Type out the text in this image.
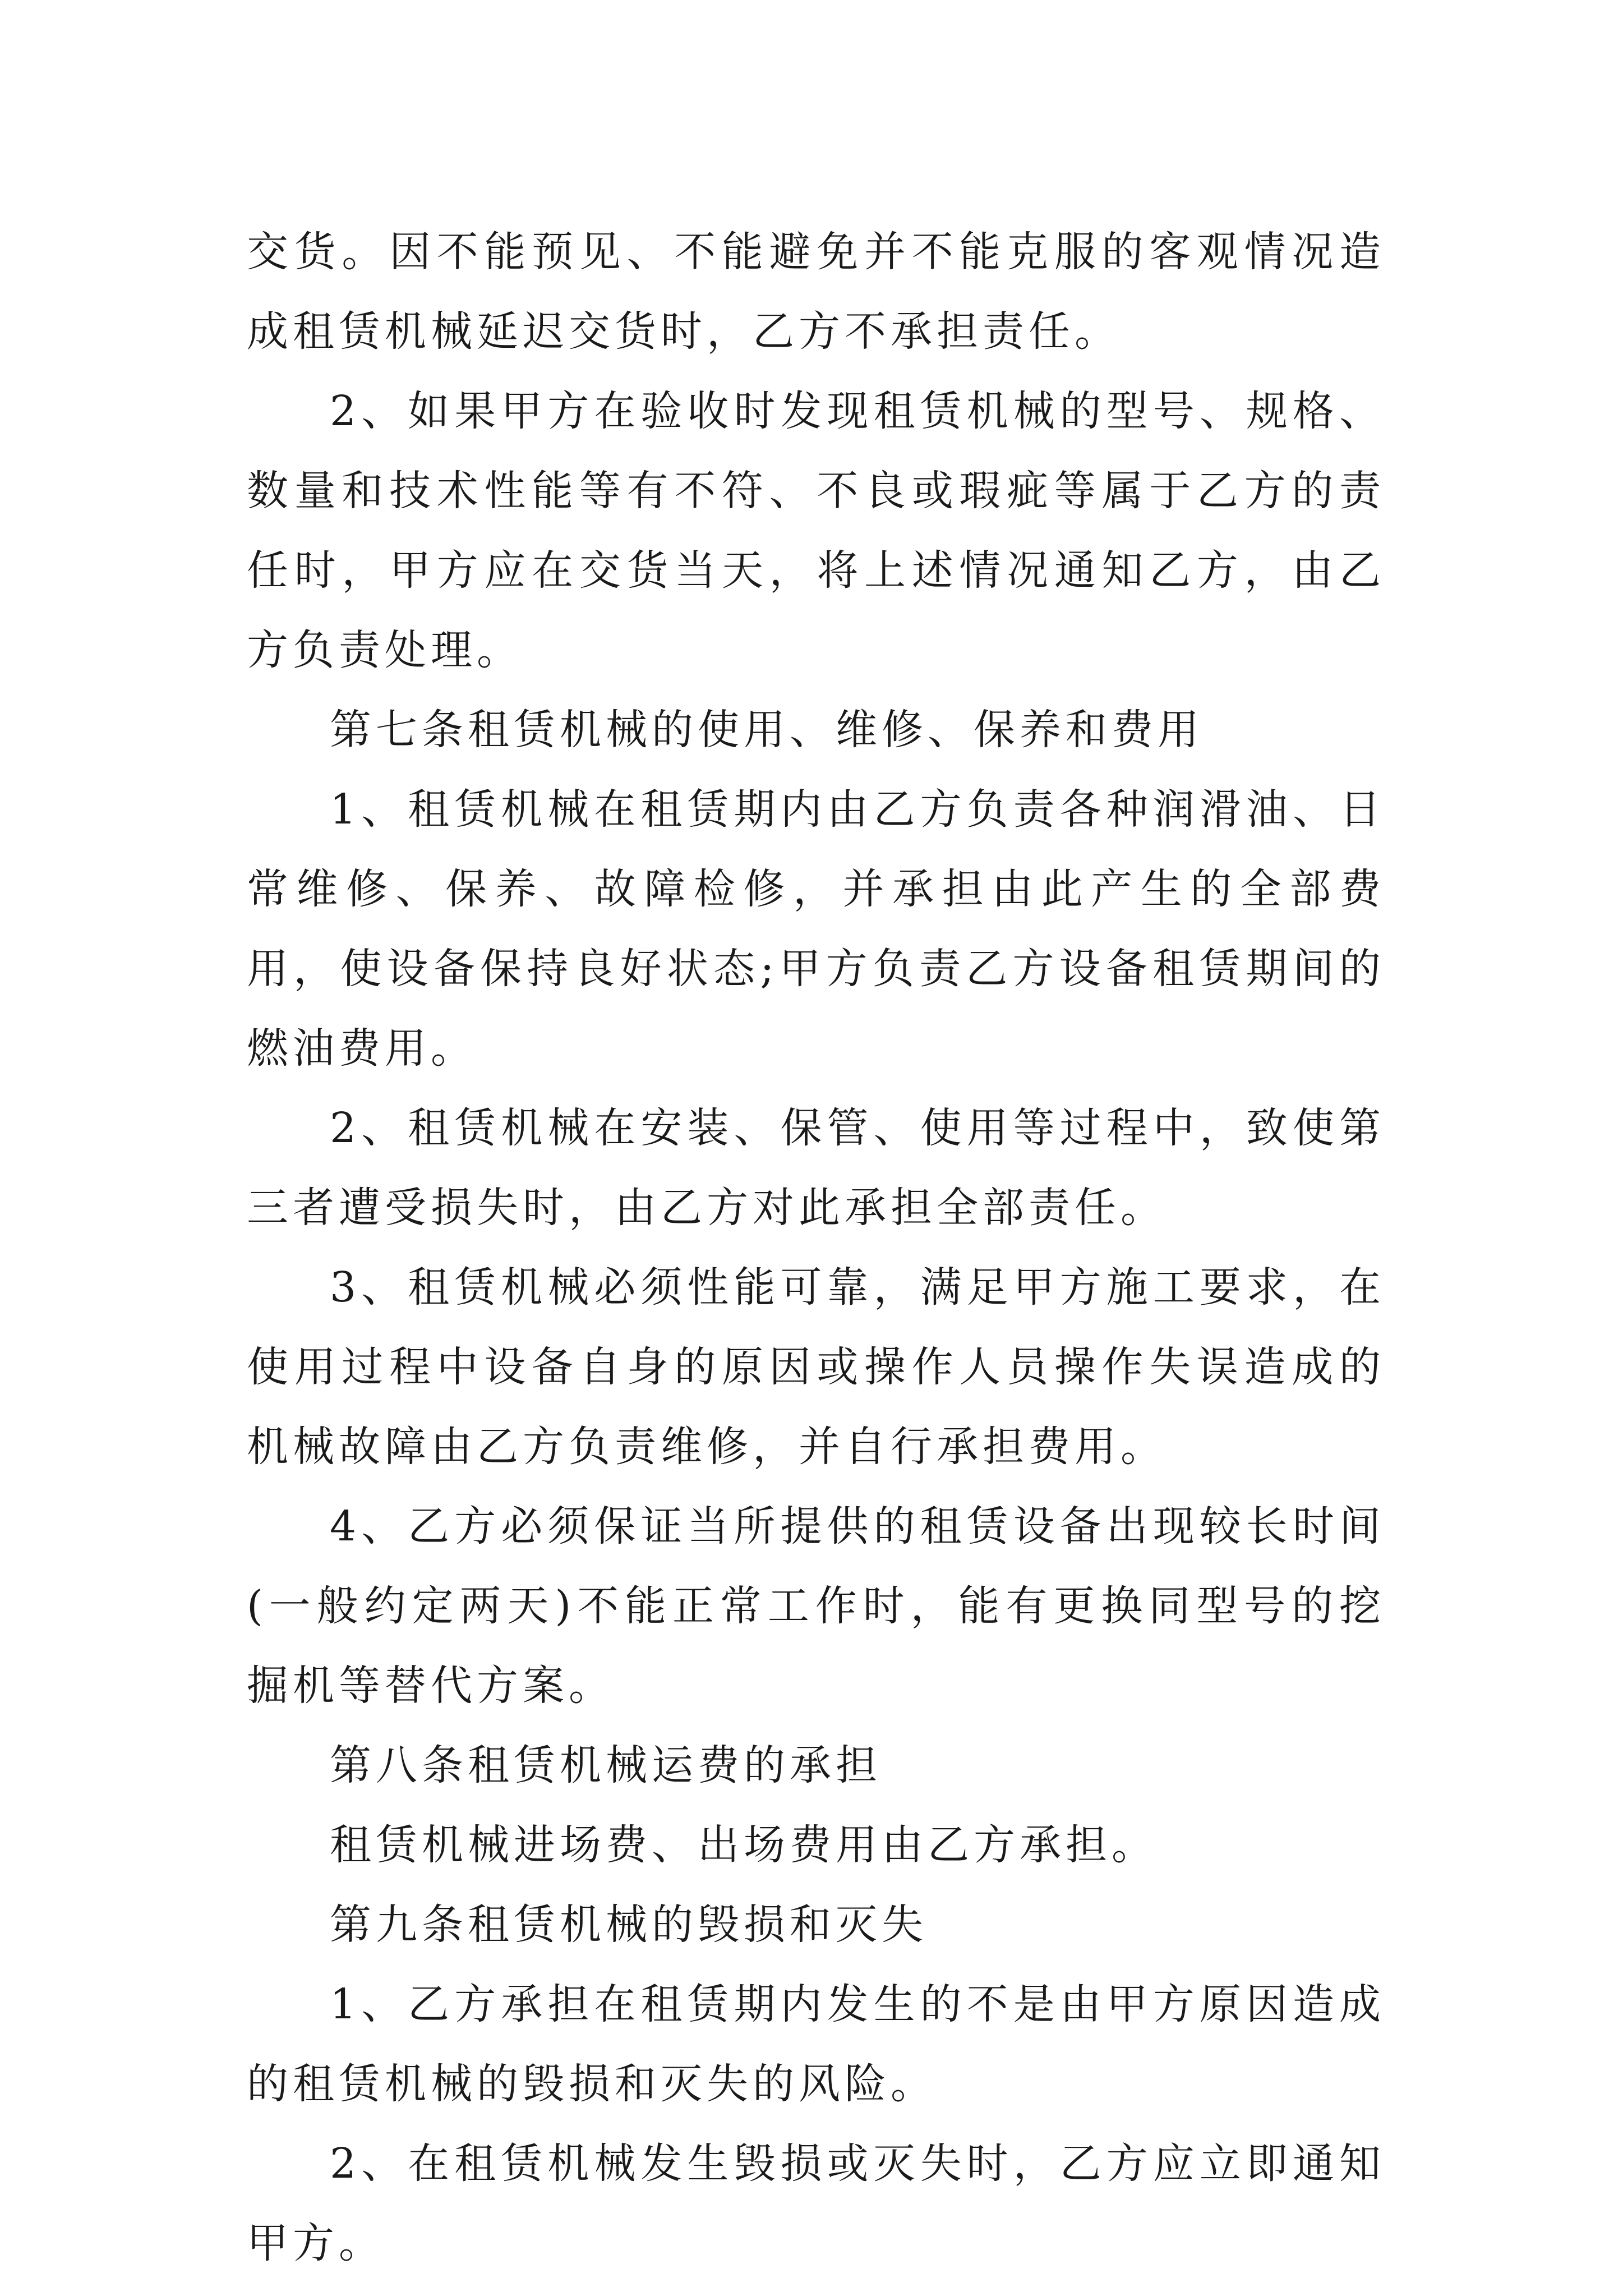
交货。因不能预见、不能避免并不能克服的客观情况造成租赁机械延迟交货时，乙方不承担责任。

2、如果甲方在验收时发现租赁机械的型号、规格、数量和技术性能等有不符、不良或瑕疵等属于乙方的责任时，甲方应在交货当天，将上述情况通知乙方，由乙方负责处理。

第七条租赁机械的使用、维修、保养和费用

1、租赁机械在租赁期内由乙方负责各种润滑油、日常维修、保养、故障检修，并承担由此产生的全部费用，使设备保持良好状态;甲方负责乙方设备租赁期间的燃油费用。

2、租赁机械在安装、保管、使用等过程中，致使第三者遭受损失时，由乙方对此承担全部责任。

3、租赁机械必须性能可靠，满足甲方施工要求，在使用过程中设备自身的原因或操作人员操作失误造成的机械故障由乙方负责维修，并自行承担费用。

4、乙方必须保证当所提供的租赁设备出现较长时间(一般约定两天)不能正常工作时，能有更换同型号的挖掘机等替代方案。

第八条租赁机械运费的承担

租赁机械进场费、出场费用由乙方承担。

第九条租赁机械的毁损和灭失

1、乙方承担在租赁期内发生的不是由甲方原因造成的租赁机械的毁损和灭失的风险。

2、在租赁机械发生毁损或灭失时，乙方应立即通知甲方。
